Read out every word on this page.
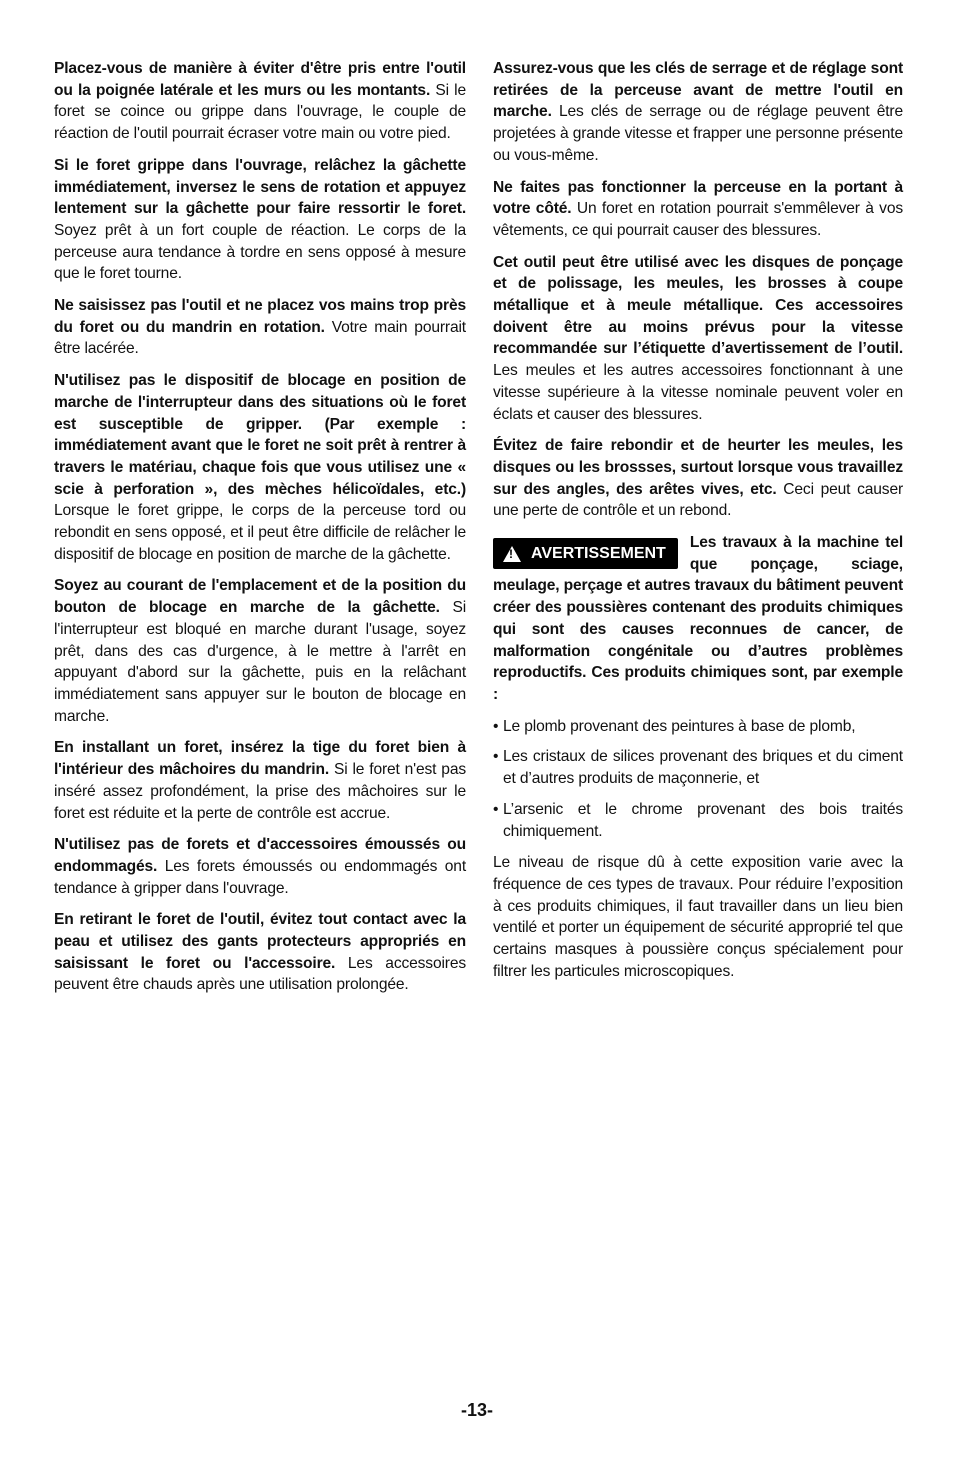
Placez-vous de manière à éviter d'être pris entre l'outil ou la poignée latérale et les murs ou les montants. Si le foret se coince ou grippe dans l'ouvrage, le couple de réaction de l'outil pourrait écraser votre main ou votre pied.

Si le foret grippe dans l'ouvrage, relâchez la gâchette immédiatement, inversez le sens de rotation et appuyez lentement sur la gâchette pour faire ressortir le foret. Soyez prêt à un fort couple de réaction. Le corps de la perceuse aura tendance à tordre en sens opposé à mesure que le foret tourne.

Ne saisissez pas l'outil et ne placez vos mains trop près du foret ou du mandrin en rotation. Votre main pourrait être lacérée.

N'utilisez pas le dispositif de blocage en position de marche de l'interrupteur dans des situations où le foret est susceptible de gripper. (Par exemple : immédiatement avant que le foret ne soit prêt à rentrer à travers le matériau, chaque fois que vous utilisez une « scie à perforation », des mèches hélicoïdales, etc.) Lorsque le foret grippe, le corps de la perceuse tord ou rebondit en sens opposé, et il peut être difficile de relâcher le dispositif de blocage en position de marche de la gâchette.

Soyez au courant de l'emplacement et de la position du bouton de blocage en marche de la gâchette. Si l'interrupteur est bloqué en marche durant l'usage, soyez prêt, dans des cas d'urgence, à le mettre à l'arrêt en appuyant d'abord sur la gâchette, puis en la relâchant immédiatement sans appuyer sur le bouton de blocage en marche.

En installant un foret, insérez la tige du foret bien à l'intérieur des mâchoires du mandrin. Si le foret n'est pas inséré assez profondément, la prise des mâchoires sur le foret est réduite et la perte de contrôle est accrue.

N'utilisez pas de forets et d'accessoires émoussés ou endommagés. Les forets émoussés ou endommagés ont tendance à gripper dans l'ouvrage.

En retirant le foret de l'outil, évitez tout contact avec la peau et utilisez des gants protecteurs appropriés en saisissant le foret ou l'accessoire. Les accessoires peuvent être chauds après une utilisation prolongée.

Assurez-vous que les clés de serrage et de réglage sont retirées de la perceuse avant de mettre l'outil en marche. Les clés de serrage ou de réglage peuvent être projetées à grande vitesse et frapper une personne présente ou vous-même.

Ne faites pas fonctionner la perceuse en la portant à votre côté. Un foret en rotation pourrait s'emmêlever à vos vêtements, ce qui pourrait causer des blessures.

Cet outil peut être utilisé avec les disques de ponçage et de polissage, les meules, les brosses à coupe métallique et à meule métallique. Ces accessoires doivent être au moins prévus pour la vitesse recommandée sur l’étiquette d’avertissement de l’outil. Les meules et les autres accessoires fonctionnant à une vitesse supérieure à la vitesse nominale peuvent voler en éclats et causer des blessures.

Évitez de faire rebondir et de heurter les meules, les disques ou les brossses, surtout lorsque vous travaillez sur des angles, des arêtes vives, etc. Ceci peut causer une perte de contrôle et un rebond.

!
AVERTISSEMENT

Les travaux à la machine tel que ponçage, sciage, meulage, perçage et autres travaux du bâtiment peuvent créer des poussières contenant des produits chimiques qui sont des causes reconnues de cancer, de malformation congénitale ou d’autres problèmes reproductifs. Ces produits chimiques sont, par exemple :

• Le plomb provenant des peintures à base de plomb,
• Les cristaux de silices provenant des briques et du ciment et d’autres produits de maçonnerie, et
• L’arsenic et le chrome provenant des bois traités chimiquement.

Le niveau de risque dû à cette exposition varie avec la fréquence de ces types de travaux. Pour réduire l’exposition à ces produits chimiques, il faut travailler dans un lieu bien ventilé et porter un équipement de sécurité approprié tel que certains masques à poussière conçus spécialement pour filtrer les particules microscopiques.

-13-
